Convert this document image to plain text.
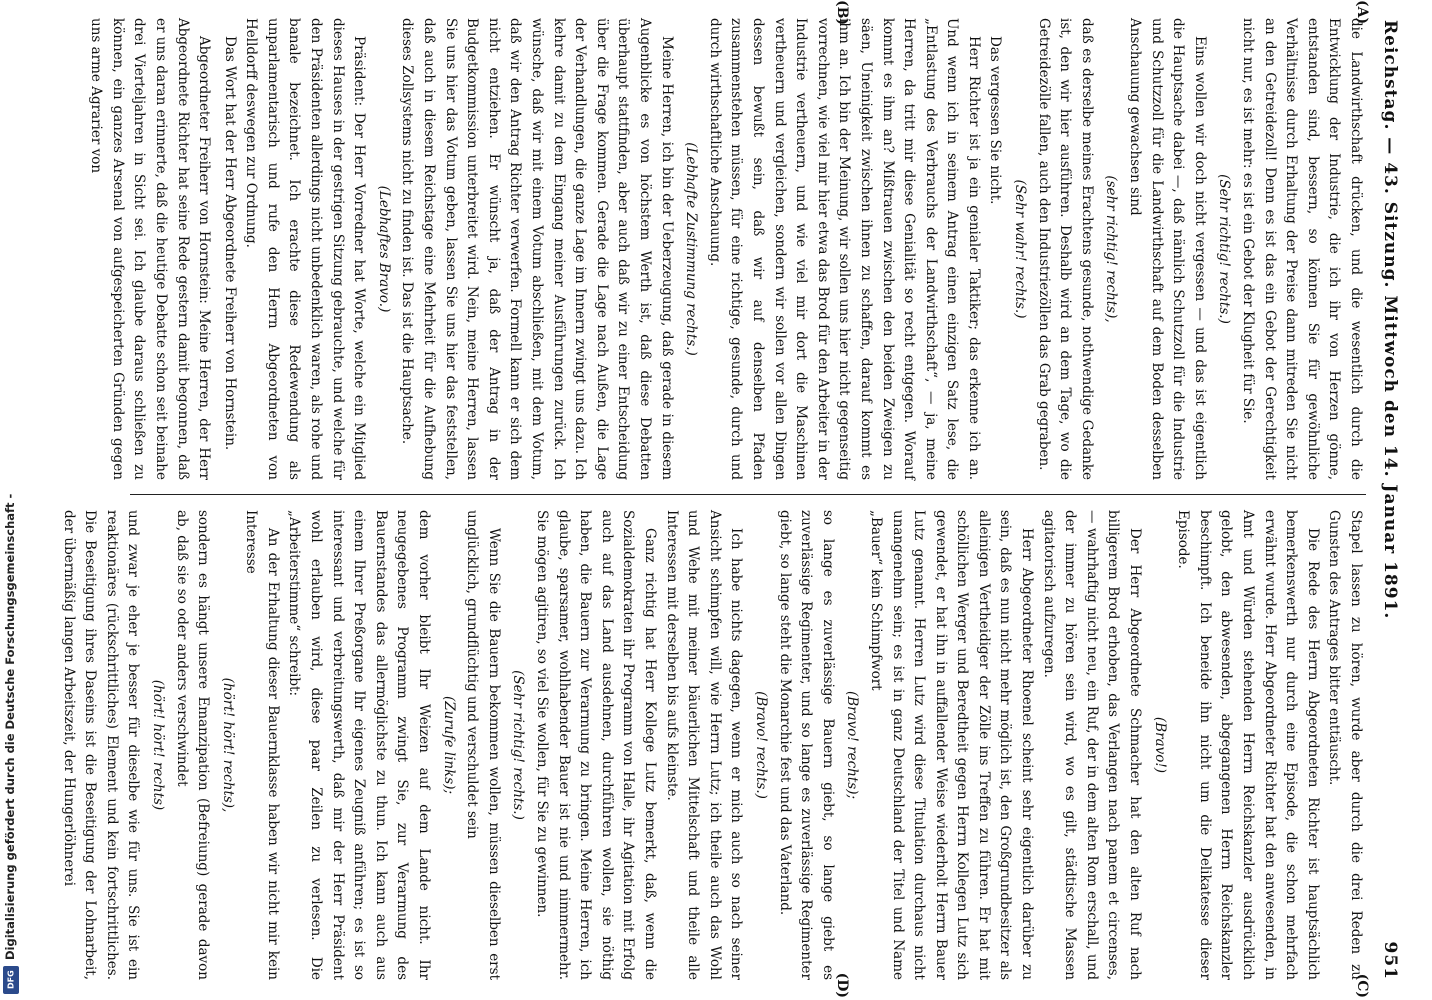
Digitalisierung gefördert durch die Deutsche Forschungsgemeinschaft -
DFG
Reichstag. — 43. Sitzung. Mittwoch den 14. Januar 1891.
951
(A)
(B)
(C)
(D)

die Landwirthschaft drücken, und die wesentlich durch die Entwicklung der Industrie, die ich ihr von Herzen gönne, entstanden sind, bessern, so können Sie für gewöhnliche Verhältnisse durch Erhaltung der Preise dann mitreden Sie nicht an den Getreidezoll! Denn es ist das ein Gebot der Gerechtigkeit nicht nur, es ist mehr: es ist ein Gebot der Klugheit für Sie.

(Sehr richtig! rechts.)

Eins wollen wir doch nicht vergessen — und das ist eigentlich die Hauptsache dabei —, daß nämlich Schutzzoll für die Industrie und Schutzzoll für die Landwirthschaft auf dem Boden desselben Anschauung gewachsen sind

(sehr richtig! rechts),

daß es derselbe meines Erachtens gesunde, nothwendige Gedanke ist, den wir hier ausführen. Deshalb wird an dem Tage, wo die Getreidezölle fallen, auch den Industriezöllen das Grab gegraben.

(Sehr wahr! rechts.)

Das vergessen Sie nicht.

Herr Richter ist ja ein genialer Taktiker; das erkenne ich an. Und wenn ich in seinem Antrag einen einzigen Satz lese, die „Entlastung des Verbrauchs der Landwirthschaft“, — ja, meine Herren, da tritt mir diese Genialität so recht entgegen. Worauf kommt es ihm an? Mißtrauen zwischen den beiden Zweigen zu säen, Uneinigkeit zwischen ihnen zu schaffen, darauf kommt es ihm an. Ich bin der Meinung, wir sollen uns hier nicht gegenseitig vorrechnen, wie viel mir hier etwa das Brod für den Arbeiter in der Industrie vertheuern, und wie viel mir dort die Maschinen vertheuern und vergleichen, sondern wir sollen vor allen Dingen dessen bewußt sein, daß wir auf denselben Pfaden zusammenstehen müssen, für eine richtige, gesunde, durch und durch wirthschaftliche Anschauung.

(Lebhafte Zustimmung rechts.)

Meine Herren, ich bin der Ueberzeugung, daß gerade in diesem Augenblicke es von höchstem Werth ist, daß diese Debatten überhaupt stattfinden, aber auch daß wir zu einer Entscheidung über die Frage kommen. Gerade die Lage nach Außen, die Lage der Verhandlungen, die ganze Lage im Innern zwingt uns dazu. Ich kehre damit zu dem Eingang meiner Ausführungen zurück. Ich wünsche, daß wir mit einem Votum abschließen, mit dem Votum, daß wir den Antrag Richter verwerfen. Formell kann er sich dem nicht entziehen. Er wünscht ja, daß der Antrag in der Budgetkommission unterbreitet wird. Nein, meine Herren, lassen Sie uns hier das Votum geben, lassen Sie uns hier das feststellen, daß auch in diesem Reichstage eine Mehrheit für die Aufhebung dieses Zollsystems nicht zu finden ist. Das ist die Hauptsache.

(Lebhaftes Bravo.)

Präsident: Der Herr Vorredner hat Worte, welche ein Mitglied dieses Hauses in der gestrigen Sitzung gebrauchte, und welche für den Präsidenten allerdings nicht unbedenklich waren, als rohe und banale bezeichnet. Ich erachte diese Redewendung als unparlamentarisch und rufe den Herrn Abgeordneten von Helldorff deswegen zur Ordnung.

Das Wort hat der Herr Abgeordnete Freiherr von Hornstein.

Abgeordneter Freiherr von Hornstein: Meine Herren, der Herr Abgeordnete Richter hat seine Rede gestern damit begonnen, daß er uns daran erinnerte, daß die heutige Debatte schon seit beinahe drei Vierteljahren in Sicht sei. Ich glaube daraus schließen zu können, ein ganzes Arsenal von aufgespeicherten Gründen gegen uns arme Agrarier von

Stapel lassen zu hören, wurde aber durch die drei Reden zu Gunsten des Antrages bitter enttäuscht.

Die Rede des Herrn Abgeordneten Richter ist hauptsächlich bemerkenswerth nur durch eine Episode, die schon mehrfach erwähnt wurde. Herr Abgeordneter Richter hat den anwesenden, in Amt und Würden stehenden Herrn Reichskanzler ausdrücklich gelobt, den abwesenden, abgegangenen Herrn Reichskanzler beschimpft. Ich beneide ihn nicht um die Delikatesse dieser Episode.

(Bravo!)

Der Herr Abgeordnete Schmacher hat den alten Ruf nach billigerem Brod erhoben, das Verlangen nach panem et circenses, — wahrhaftig nicht neu, ein Ruf, der in dem alten Rom erschall, und der immer zu hören sein wird, wo es gilt, städtische Massen agitatorisch aufzuregen.

Herr Abgeordneter Rhoenel scheint sehr eigentlich darüber zu sein, daß es nun nicht mehr möglich ist, den Großgrundbesitzer als alleinigen Vertheidiger der Zölle ins Treffen zu führen. Er hat mit schöllichen Werger und Beredtheit gegen Herrn Kollegen Lutz sich gewendet, er hat ihn in auffallender Weise wiederholt Herrn Bauer Lutz genannt. Herren Lutz wird diese Titulation durchaus nicht unangenehm sein; es ist in ganz Deutschland der Titel und Name „Bauer“ kein Schimpfwort

(Bravo! rechts);

so lange es zuverlässige Bauern giebt, so lange giebt es zuverlässige Regimenter, und so lange es zuverlässige Regimenter giebt, so lange steht die Monarchie fest und das Vaterland.

(Bravo! rechts.)

Ich habe nichts dagegen, wenn er mich auch so nach seiner Ansicht schimpfen will, wie Herrn Lutz; ich theile auch das Wohl und Wehe mit meiner bäuerlichen Mittelschaft und theile alle Interessen mit derselben bis aufs kleinste.

Ganz richtig hat Herr Kollege Lutz bemerkt, daß, wenn die Sozialdemokraten ihr Programm von Halle, ihr Agitation mit Erfolg auch auf das Land ausdehnen, durchführen wollen, sie nöthig haben, die Bauern zur Verarmung zu bringen. Meine Herren, ich glaube, sparsamer, wohlhabender Bauer ist nie und nimmermehr. Sie mögen agitiren, so viel Sie wollen, für Sie zu gewinnen.

(Sehr richtig! rechts.)

Wenn Sie die Bauern bekommen wollen, müssen dieselben erst unglücklich, grundflüchtig und verschuldet sein

(Zurufe links);

dem vorher bleibt Ihr Weizen auf dem Lande nicht. Ihr neugegebenes Programm zwingt Sie, zur Verarmung des Bauernstandes das allermöglichste zu thun. Ich kann auch aus einem Ihrer Preßorgane Ihr eigenes Zeugniß anführen; es ist so interessant und verbreitungswerth, daß mir der Herr Präsident wohl erlauben wird, diese paar Zeilen zu verlesen. Die „Arbeiterstimme“ schreibt:

An der Erhaltung dieser Bauernklasse haben wir nicht mir kein Interesse

(hört! hört! rechts),

sondern es hängt unsere Emanzipation (Befreiung) gerade davon ab, daß sie so oder anders verschwindet

(hört! hört! rechts)

und zwar je eher je besser für dieselbe wie für uns. Sie ist ein reaktionäres (rückschrittliches) Element und kein fortschrittliches. Die Beseitigung ihres Daseins ist die Beseitigung der Lohnarbeit, der übermäßig langen Arbeitszeit, der Hungerlöhnerei
